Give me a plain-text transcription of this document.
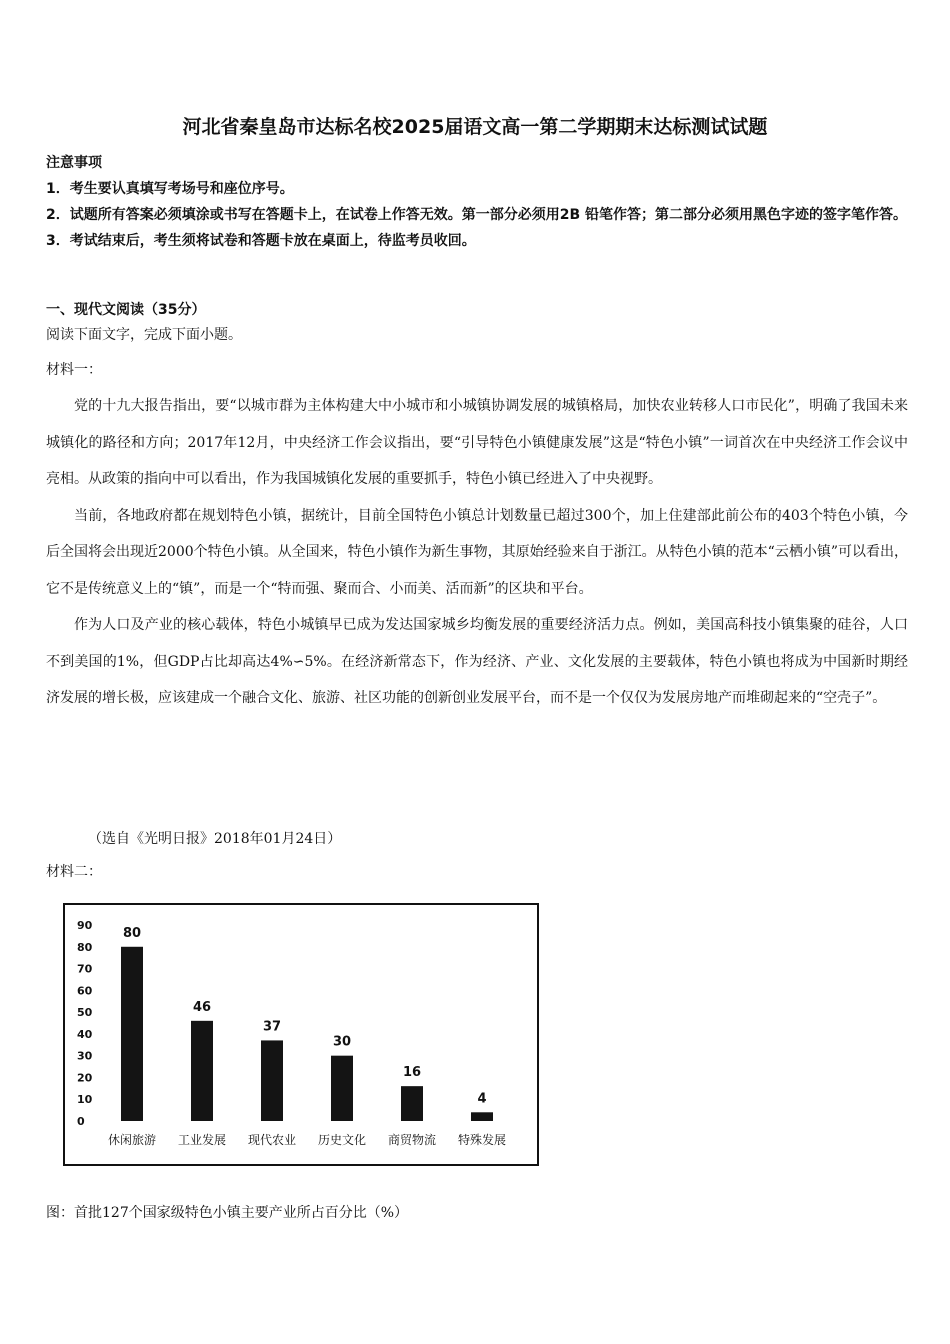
河北省秦皇岛市达标名校2025届语文高一第二学期期末达标测试试题

注意事项

1．考生要认真填写考场号和座位序号。

2．试题所有答案必须填涂或书写在答题卡上，在试卷上作答无效。第一部分必须用2B 铅笔作答；第二部分必须用黑色字迹的签字笔作答。

3．考试结束后，考生须将试卷和答题卡放在桌面上，待监考员收回。

一、现代文阅读（35分）
阅读下面文字，完成下面小题。
材料一：

党的十九大报告指出，要“以城市群为主体构建大中小城市和小城镇协调发展的城镇格局，加快农业转移人口市民化”，明确了我国未来城镇化的路径和方向；2017年12月，中央经济工作会议指出，要“引导特色小镇健康发展”这是“特色小镇”一词首次在中央经济工作会议中亮相。从政策的指向中可以看出，作为我国城镇化发展的重要抓手，特色小镇已经进入了中央视野。

当前，各地政府都在规划特色小镇，据统计，目前全国特色小镇总计划数量已超过300个，加上住建部此前公布的403个特色小镇，今后全国将会出现近2000个特色小镇。从全国来，特色小镇作为新生事物，其原始经验来自于浙江。从特色小镇的范本“云栖小镇”可以看出，它不是传统意义上的“镇”，而是一个“特而强、聚而合、小而美、活而新”的区块和平台。

作为人口及产业的核心载体，特色小城镇早已成为发达国家城乡均衡发展的重要经济活力点。例如，美国高科技小镇集聚的硅谷，人口不到美国的1%，但GDP占比却高达4%∽5%。在经济新常态下，作为经济、产业、文化发展的主要载体，特色小镇也将成为中国新时期经济发展的增长极，应该建成一个融合文化、旅游、社区功能的创新创业发展平台，而不是一个仅仅为发展房地产而堆砌起来的“空壳子”。

（选自《光明日报》2018年01月24日）
材料二：
0
10
20
30
40
50
60
70
80
90
80
46
37
30
16
4
休闲旅游 工业发展 现代农业 历史文化 商贸物流 特殊发展
图：首批127个国家级特色小镇主要产业所占百分比（%）
